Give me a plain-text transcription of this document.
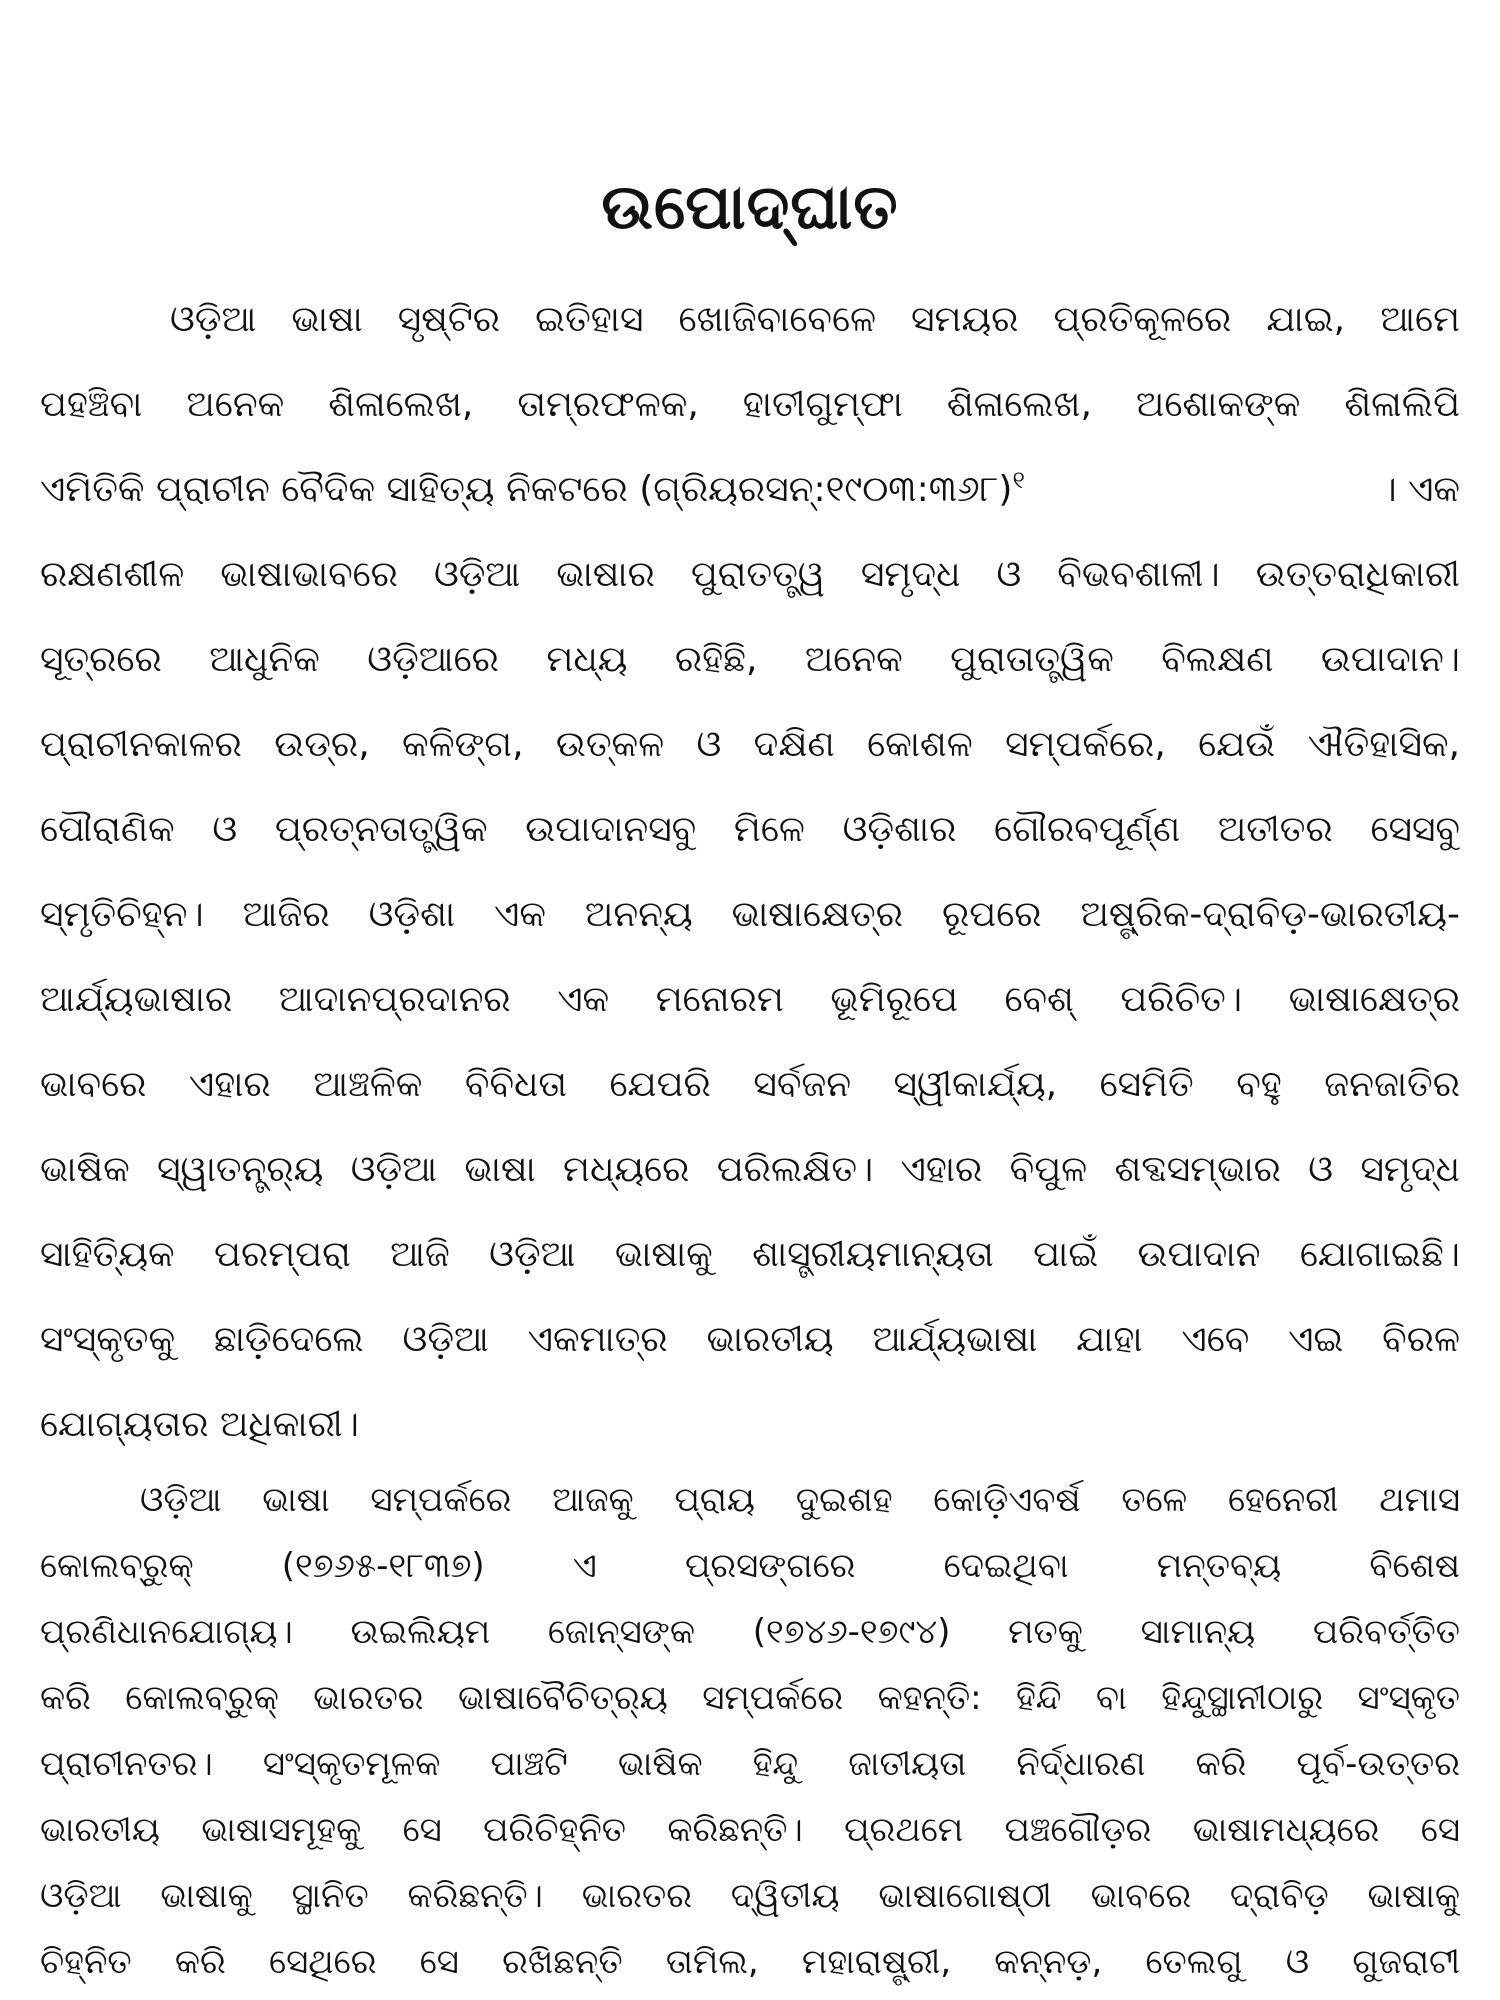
ଉପୋଦ୍‌ଘାତ
ଓଡ଼ିଆ ଭାଷା ସୃଷ୍ଟିର ଇତିହାସ ଖୋଜିବାବେଳେ ସମୟର ପ୍ରତିକୂଳରେ ଯାଇ, ଆମେ
ପହଞ୍ଚିବା ଅନେକ ଶିଳାଲେଖ, ତାମ୍ରଫଳକ, ହାତୀଗୁମ୍ଫା ଶିଳାଲେଖ, ଅଶୋକଙ୍କ ଶିଳାଲିପି
ଏମିତିକି ପ୍ରାଚୀନ ବୈଦିକ ସାହିତ୍ୟ ନିକଟରେ (ଗ୍ରିୟରସନ୍:୧୯୦୩:୩୬୮)$^୧$	। ଏକ
ରକ୍ଷଣଶୀଳ ଭାଷାଭାବରେ ଓଡ଼ିଆ ଭାଷାର ପୁରାତତ୍ତ୍ୱ ସମୃଦ୍ଧ ଓ ବିଭବଶାଳୀ। ଉତ୍ତରାଧିକାରୀ
ସୂତ୍ରରେ ଆଧୁନିକ ଓଡ଼ିଆରେ ମଧ୍ୟ ରହିଛି, ଅନେକ ପୁରାତାତ୍ତ୍ୱିକ ବିଲକ୍ଷଣ ଉପାଦାନ।
ପ୍ରାଚୀନକାଳର ଉଡ୍ର, କଳିଙ୍ଗ, ଉତ୍କଳ ଓ ଦକ୍ଷିଣ କୋଶଳ ସମ୍ପର୍କରେ, ଯେଉଁ ଐତିହାସିକ,
ପୌରାଣିକ ଓ ପ୍ରତ୍ନତାତ୍ତ୍ୱିକ ଉପାଦାନସବୁ ମିଳେ ଓଡ଼ିଶାର ଗୌରବପୂର୍ଣ୍ଣ ଅତୀତର ସେସବୁ
ସ୍ମୃତିଚିହ୍ନ। ଆଜିର ଓଡ଼ିଶା ଏକ ଅନନ୍ୟ ଭାଷାକ୍ଷେତ୍ର ରୂପରେ ଅଷ୍ଟ୍ରିକ-ଦ୍ରାବିଡ଼-ଭାରତୀୟ-
ଆର୍ଯ୍ୟଭାଷାର ଆଦାନପ୍ରଦାନର ଏକ ମନୋରମ ଭୂମିରୂପେ ବେଶ୍ ପରିଚିତ। ଭାଷାକ୍ଷେତ୍ର
ଭାବରେ ଏହାର ଆଞ୍ଚଳିକ ବିବିଧତା ଯେପରି ସର୍ବଜନ ସ୍ୱୀକାର୍ଯ୍ୟ, ସେମିତି ବହୁ ଜନଜାତିର
ଭାଷିକ ସ୍ୱାତନ୍ତ୍ର୍ୟ ଓଡ଼ିଆ ଭାଷା ମଧ୍ୟରେ ପରିଲକ୍ଷିତ। ଏହାର ବିପୁଳ ଶବ୍ଦସମ୍ଭାର ଓ ସମୃଦ୍ଧ
ସାହିତ୍ୟିକ ପରମ୍ପରା ଆଜି ଓଡ଼ିଆ ଭାଷାକୁ ଶାସ୍ତ୍ରୀୟମାନ୍ୟତା ପାଇଁ ଉପାଦାନ ଯୋଗାଇଛି।
ସଂସ୍କୃତକୁ ଛାଡ଼ିଦେଲେ ଓଡ଼ିଆ ଏକମାତ୍ର ଭାରତୀୟ ଆର୍ଯ୍ୟଭାଷା ଯାହା ଏବେ ଏଇ ବିରଳ
ଯୋଗ୍ୟତାର ଅଧିକାରୀ।
ଓଡ଼ିଆ ଭାଷା ସମ୍ପର୍କରେ ଆଜକୁ ପ୍ରାୟ ଦୁଇଶହ କୋଡ଼ିଏବର୍ଷ ତଳେ ହେନେରୀ ଥମାସ
କୋଲବ୍ରୁକ୍ (୧୭୬୫-୧୮୩୭) ଏ ପ୍ରସଙ୍ଗରେ ଦେଇଥିବା ମନ୍ତବ୍ୟ ବିଶେଷ
ପ୍ରଣିଧାନଯୋଗ୍ୟ। ଉଇଲିୟମ ଜୋନ୍ସଙ୍କ (୧୭୪୬-୧୭୯୪) ମତକୁ ସାମାନ୍ୟ ପରିବର୍ତ୍ତିତ
କରି କୋଲବ୍ରୁକ୍ ଭାରତର ଭାଷାବୈଚିତ୍ର୍ୟ ସମ୍ପର୍କରେ କହନ୍ତି: ହିନ୍ଦି ବା ହିନ୍ଦୁସ୍ଥାନୀଠାରୁ ସଂସ୍କୃତ
ପ୍ରାଚୀନତର। ସଂସ୍କୃତମୂଳକ ପାଞ୍ଚଟି ଭାଷିକ ହିନ୍ଦୁ ଜାତୀୟତା ନିର୍ଦ୍ଧାରଣ କରି ପୂର୍ବ-ଉତ୍ତର
ଭାରତୀୟ ଭାଷାସମୂହକୁ ସେ ପରିଚିହ୍ନିତ କରିଛନ୍ତି। ପ୍ରଥମେ ପଞ୍ଚଗୌଡ଼ର ଭାଷାମଧ୍ୟରେ ସେ
ଓଡ଼ିଆ ଭାଷାକୁ ସ୍ଥାନିତ କରିଛନ୍ତି। ଭାରତର ଦ୍ୱିତୀୟ ଭାଷାଗୋଷ୍ଠୀ ଭାବରେ ଦ୍ରାବିଡ଼ ଭାଷାକୁ
ଚିହ୍ନିତ କରି ସେଥିରେ ସେ ରଖିଛନ୍ତି ତାମିଲ, ମହାରାଷ୍ଟ୍ରୀ, କନ୍ନଡ଼, ତେଲଗୁ ଓ ଗୁଜରାଟୀ
